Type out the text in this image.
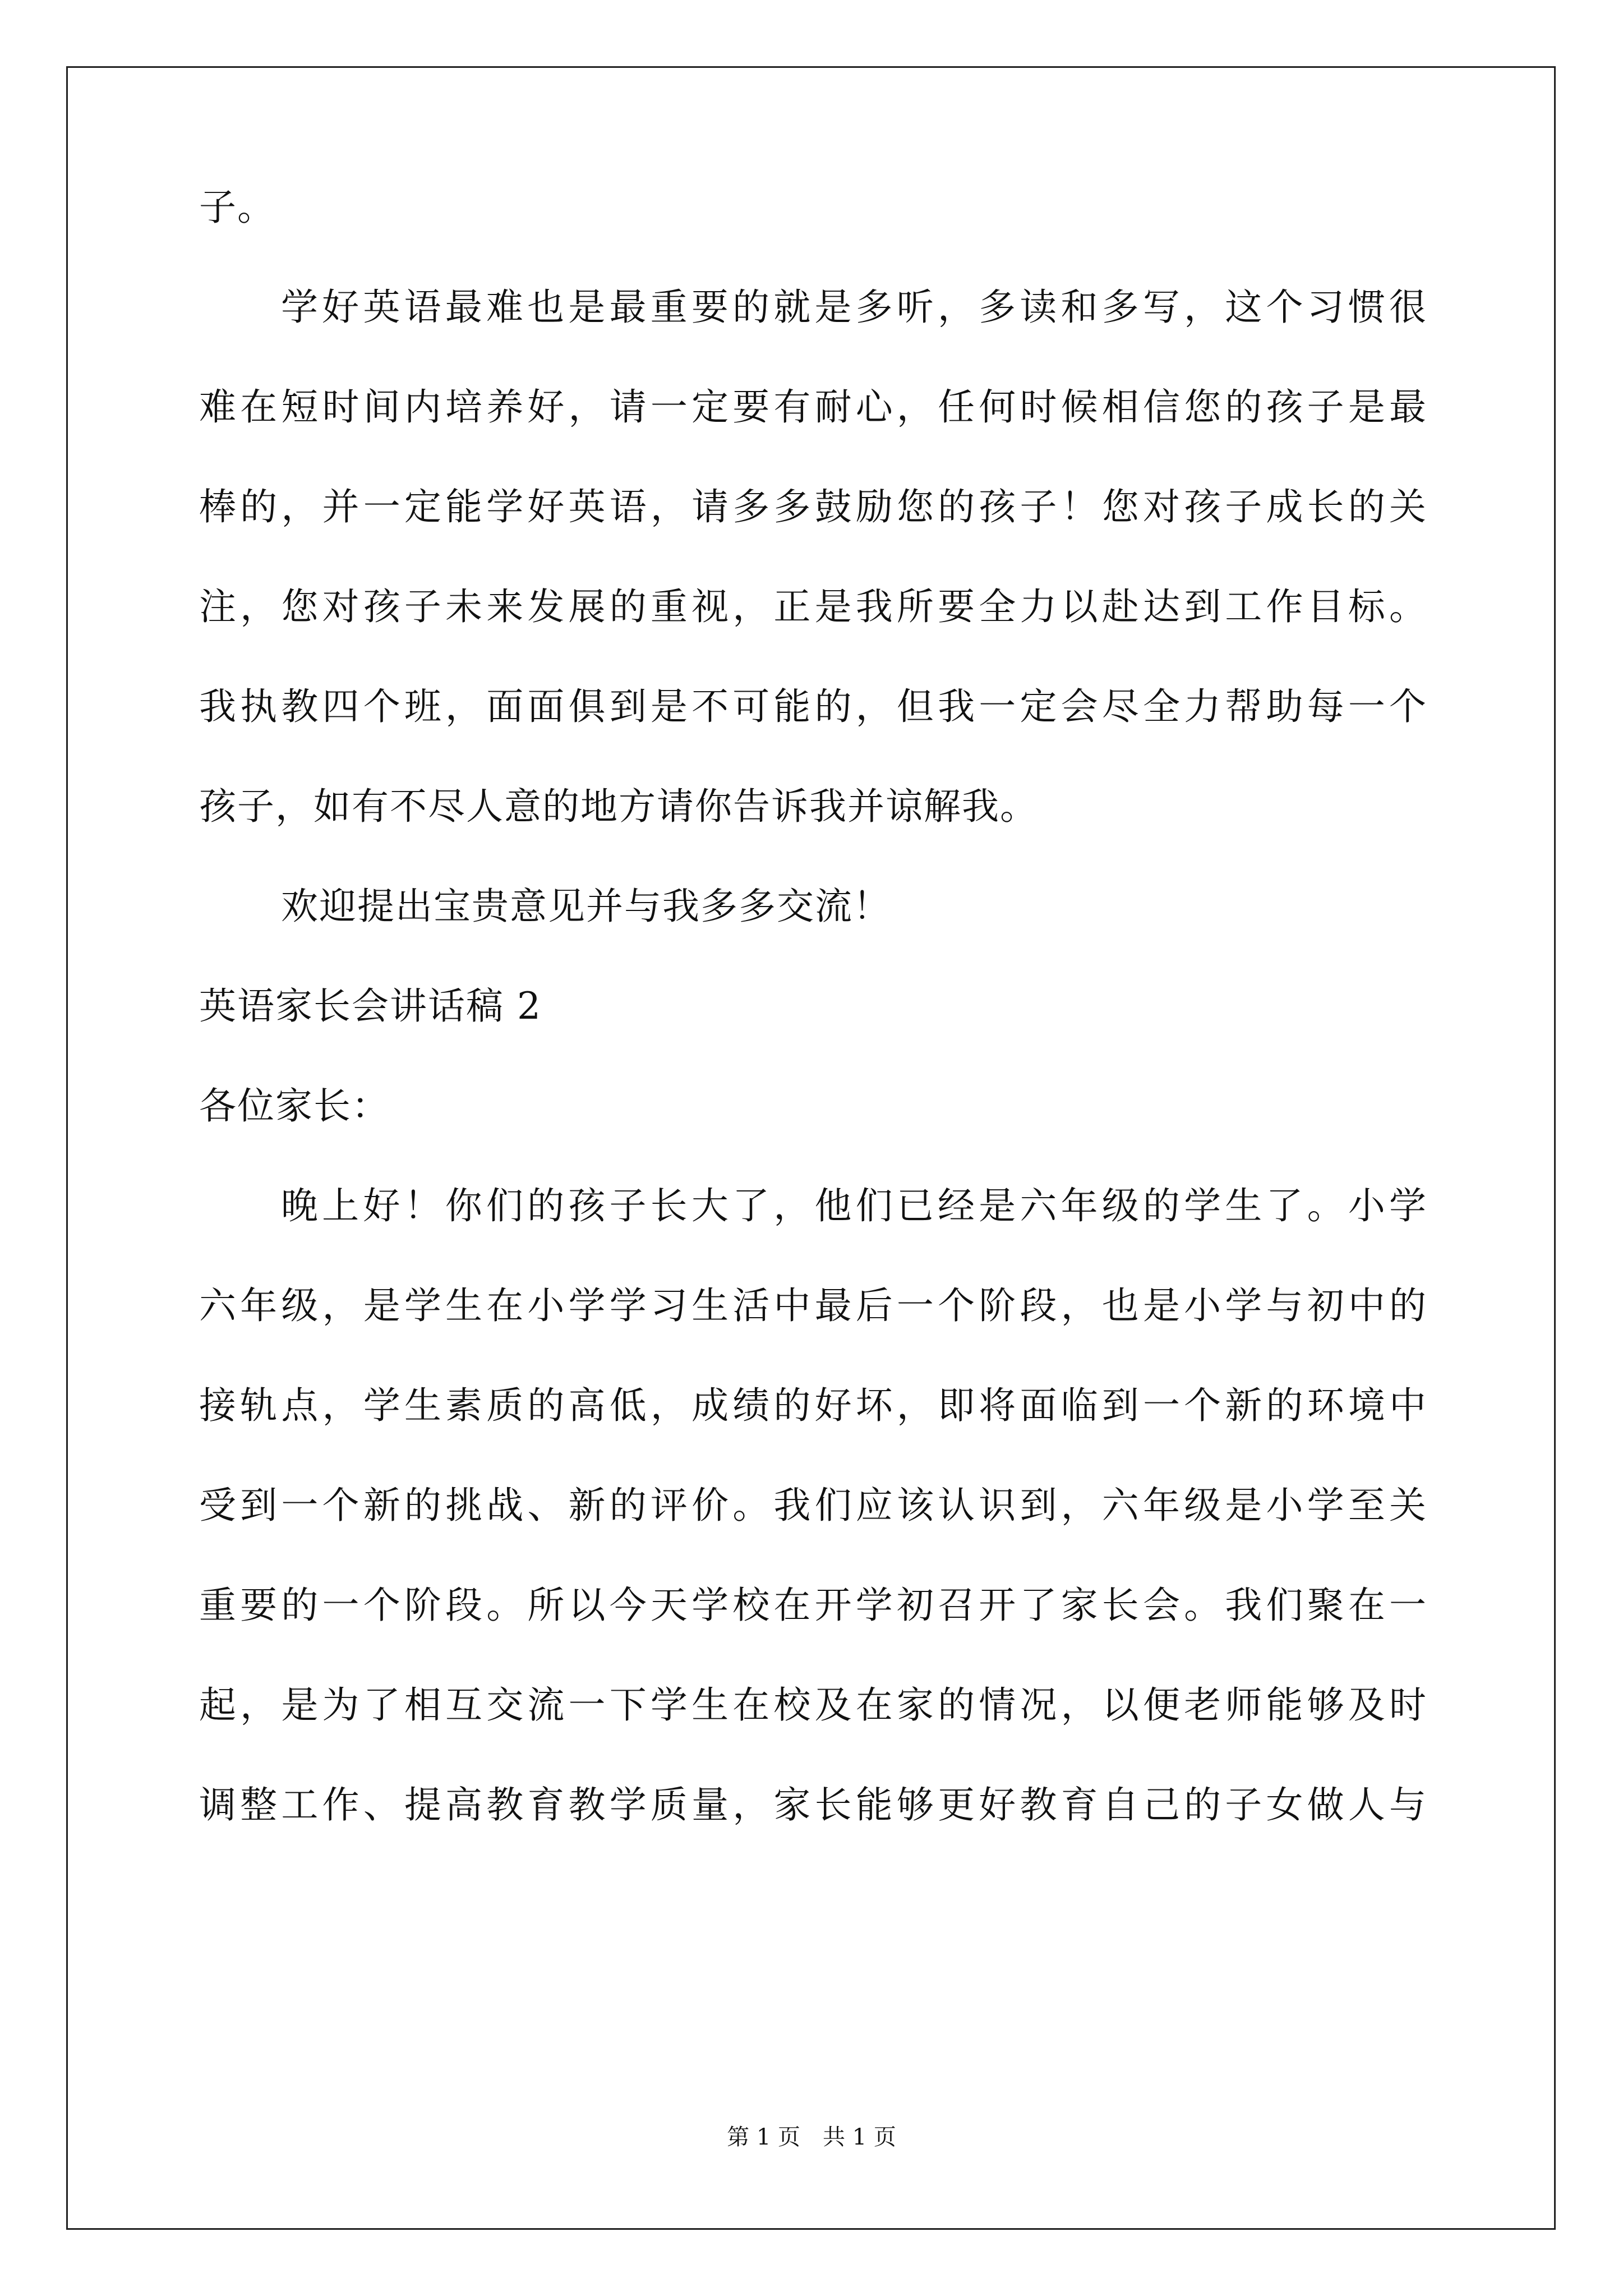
子。
学好英语最难也是最重要的就是多听，多读和多写，这个习惯很
难在短时间内培养好，请一定要有耐心，任何时候相信您的孩子是最
棒的，并一定能学好英语，请多多鼓励您的孩子！您对孩子成长的关
注，您对孩子未来发展的重视，正是我所要全力以赴达到工作目标。
我执教四个班，面面俱到是不可能的，但我一定会尽全力帮助每一个
孩子，如有不尽人意的地方请你告诉我并谅解我。
欢迎提出宝贵意见并与我多多交流！
英语家长会讲话稿 2
各位家长：
晚上好！你们的孩子长大了，他们已经是六年级的学生了。小学
六年级，是学生在小学学习生活中最后一个阶段，也是小学与初中的
接轨点，学生素质的高低，成绩的好坏，即将面临到一个新的环境中
受到一个新的挑战、新的评价。我们应该认识到，六年级是小学至关
重要的一个阶段。所以今天学校在开学初召开了家长会。我们聚在一
起，是为了相互交流一下学生在校及在家的情况，以便老师能够及时
调整工作、提高教育教学质量，家长能够更好教育自己的子女做人与
第 1 页　共 1 页
